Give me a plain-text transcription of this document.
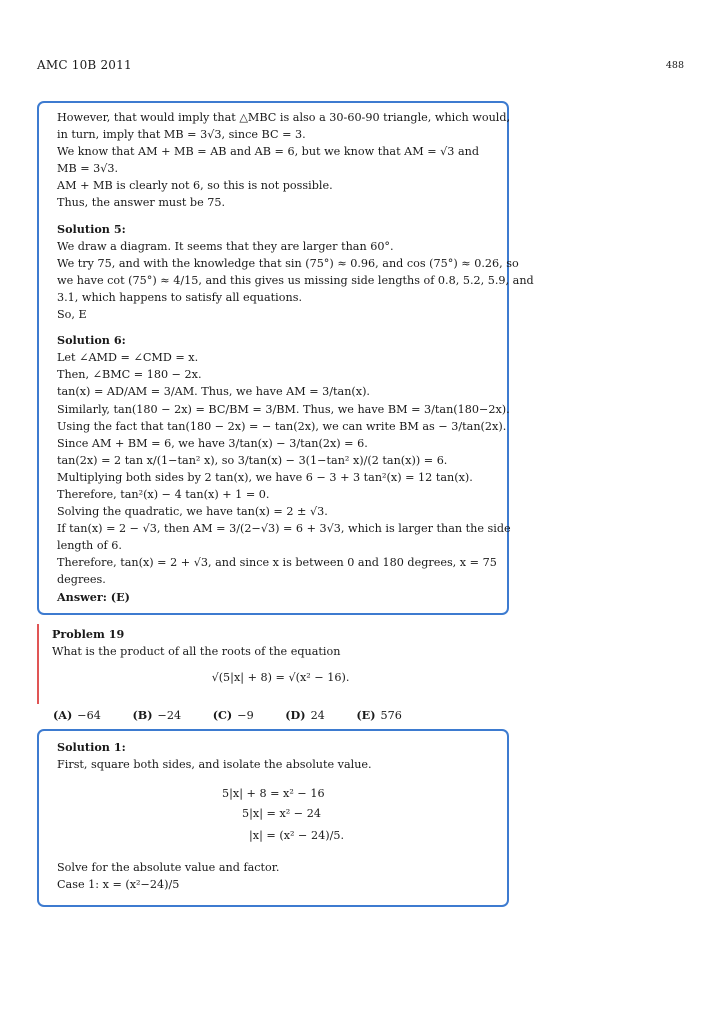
AMC 10B 2011	488
However, that would imply that △MBC is also a 30-60-90 triangle, which would,
in turn, imply that MB = 3√3, since BC = 3.
We know that AM + MB = AB and AB = 6, but we know that AM = √3 and
MB = 3√3.
AM + MB is clearly not 6, so this is not possible.
Thus, the answer must be 75.
Solution 5:
We draw a diagram. It seems that they are larger than 60°.
We try 75, and with the knowledge that sin (75°) ≈ 0.96, and cos (75°) ≈ 0.26, so
we have cot (75°) ≈ 4/15, and this gives us missing side lengths of 0.8, 5.2, 5.9, and
3.1, which happens to satisfy all equations.
So, E
Solution 6:
Let ∠AMD = ∠CMD = x.
Then, ∠BMC = 180 − 2x.
tan(x) = AD/AM = 3/AM. Thus, we have AM = 3/tan(x).
Similarly, tan(180 − 2x) = BC/BM = 3/BM. Thus, we have BM = 3/tan(180−2x).
Using the fact that tan(180 − 2x) = − tan(2x), we can write BM as − 3/tan(2x).
Since AM + BM = 6, we have 3/tan(x) − 3/tan(2x) = 6.
tan(2x) = 2 tan x/(1−tan² x), so 3/tan(x) − 3(1−tan² x)/(2 tan(x)) = 6.
Multiplying both sides by 2 tan(x), we have 6 − 3 + 3 tan²(x) = 12 tan(x).
Therefore, tan²(x) − 4 tan(x) + 1 = 0.
Solving the quadratic, we have tan(x) = 2 ± √3.
If tan(x) = 2 − √3, then AM = 3/(2−√3) = 6 + 3√3, which is larger than the side
length of 6.
Therefore, tan(x) = 2 + √3, and since x is between 0 and 180 degrees, x = 75
degrees.
Answer: (E)
Problem 19
What is the product of all the roots of the equation
√(5|x| + 8) = √(x² − 16).
(A) −64	(B) −24	(C) −9	(D) 24	(E) 576
Solution 1:
First, square both sides, and isolate the absolute value.
5|x| + 8 = x² − 16
5|x| = x² − 24
|x| = (x² − 24)/5.
Solve for the absolute value and factor.
Case 1: x = (x²−24)/5
